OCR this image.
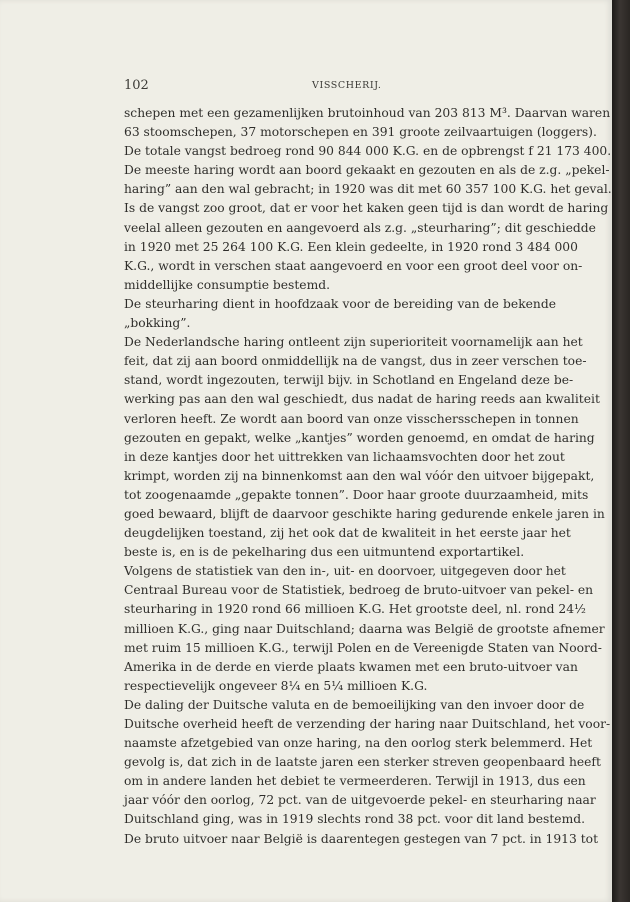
102	VISSCHERIJ.
schepen met een gezamenlijken brutoinhoud van 203 813 M³. Daarvan waren
63 stoomschepen, 37 motorschepen en 391 groote zeilvaartuigen (loggers).
De totale vangst bedroeg rond 90 844 000 K.G. en de opbrengst f 21 173 400.
De meeste haring wordt aan boord gekaakt en gezouten en als de z.g. „pekel-
haring” aan den wal gebracht; in 1920 was dit met 60 357 100 K.G. het geval.
Is de vangst zoo groot, dat er voor het kaken geen tijd is dan wordt de haring
veelal alleen gezouten en aangevoerd als z.g. „steurharing”; dit geschiedde
in 1920 met 25 264 100 K.G. Een klein gedeelte, in 1920 rond 3 484 000
K.G., wordt in verschen staat aangevoerd en voor een groot deel voor on-
middellijke consumptie bestemd.
De steurharing dient in hoofdzaak voor de bereiding van de bekende
„bokking”.
De Nederlandsche haring ontleent zijn superioriteit voornamelijk aan het
feit, dat zij aan boord onmiddellijk na de vangst, dus in zeer verschen toe-
stand, wordt ingezouten, terwijl bijv. in Schotland en Engeland deze be-
werking pas aan den wal geschiedt, dus nadat de haring reeds aan kwaliteit
verloren heeft. Ze wordt aan boord van onze visschersschepen in tonnen
gezouten en gepakt, welke „kantjes” worden genoemd, en omdat de haring
in deze kantjes door het uittrekken van lichaamsvochten door het zout
krimpt, worden zij na binnenkomst aan den wal vóór den uitvoer bijgepakt,
tot zoogenaamde „gepakte tonnen”. Door haar groote duurzaamheid, mits
goed bewaard, blijft de daarvoor geschikte haring gedurende enkele jaren in
deugdelijken toestand, zij het ook dat de kwaliteit in het eerste jaar het
beste is, en is de pekelharing dus een uitmuntend exportartikel.
Volgens de statistiek van den in-, uit- en doorvoer, uitgegeven door het
Centraal Bureau voor de Statistiek, bedroeg de bruto-uitvoer van pekel- en
steurharing in 1920 rond 66 millioen K.G. Het grootste deel, nl. rond 24½
millioen K.G., ging naar Duitschland; daarna was België de grootste afnemer
met ruim 15 millioen K.G., terwijl Polen en de Vereenigde Staten van Noord-
Amerika in de derde en vierde plaats kwamen met een bruto-uitvoer van
respectievelijk ongeveer 8¼ en 5¼ millioen K.G.
De daling der Duitsche valuta en de bemoeilijking van den invoer door de
Duitsche overheid heeft de verzending der haring naar Duitschland, het voor-
naamste afzetgebied van onze haring, na den oorlog sterk belemmerd. Het
gevolg is, dat zich in de laatste jaren een sterker streven geopenbaard heeft
om in andere landen het debiet te vermeerderen. Terwijl in 1913, dus een
jaar vóór den oorlog, 72 pct. van de uitgevoerde pekel- en steurharing naar
Duitschland ging, was in 1919 slechts rond 38 pct. voor dit land bestemd.
De bruto uitvoer naar België is daarentegen gestegen van 7 pct. in 1913 tot
